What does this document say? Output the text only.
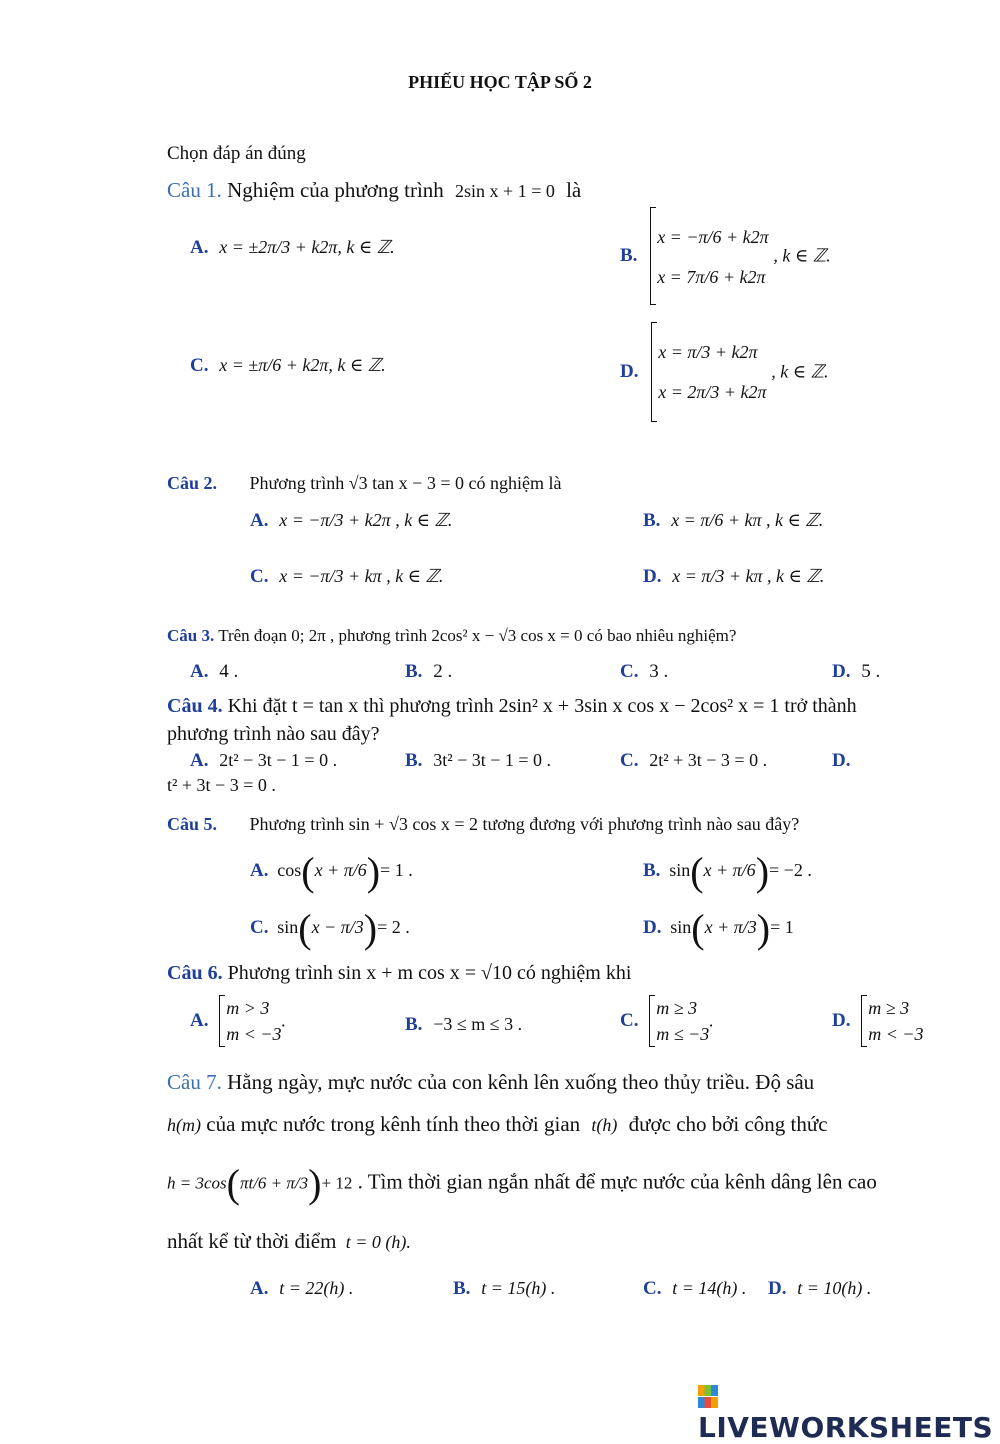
PHIẾU HỌC TẬP SỐ 2
Chọn đáp án đúng
Câu 1. Nghiệm của phương trình 2sin x + 1 = 0 là
A. x = ±2π/3 + k2π, k ∈ ℤ.	B.
x = −π/6 + k2π
x = 7π/6 + k2π
, k ∈ ℤ.
C. x = ±π/6 + k2π, k ∈ ℤ.	D.
x = π/3 + k2π
x = 2π/3 + k2π
, k ∈ ℤ.
Câu 2. Phương trình √3 tan x − 3 = 0 có nghiệm là
A. x = −π/3 + k2π , k ∈ ℤ.	B. x = π/6 + kπ , k ∈ ℤ.
C. x = −π/3 + kπ , k ∈ ℤ.	D. x = π/3 + kπ , k ∈ ℤ.
Câu 3. Trên đoạn 0; 2π , phương trình 2cos² x − √3 cos x = 0 có bao nhiêu nghiệm?
A. 4 .	B. 2 .	C. 3 .	D. 5 .
Câu 4. Khi đặt t = tan x thì phương trình 2sin² x + 3sin x cos x − 2cos² x = 1 trở thành
phương trình nào sau đây?
A. 2t² − 3t − 1 = 0 .	B. 3t² − 3t − 1 = 0 .	C. 2t² + 3t − 3 = 0 .	D.
t² + 3t − 3 = 0 .
Câu 5. Phương trình sin + √3 cos x = 2 tương đương với phương trình nào sau đây?
A. cos(x + π/6)= 1 .	B. sin(x + π/6)= −2 .
C. sin(x − π/3)= 2 .	D. sin(x + π/3)= 1
Câu 6. Phương trình sin x + m cos x = √10 có nghiệm khi
A.
m > 3
m < −3
.	B. −3 ≤ m ≤ 3 .	C.
m ≥ 3
m ≤ −3
.	D.
m ≥ 3
m < −3
Câu 7. Hằng ngày, mực nước của con kênh lên xuống theo thủy triều. Độ sâu
h(m) của mực nước trong kênh tính theo thời gian t(h) được cho bởi công thức
h = 3cos(πt/6 + π/3)+ 12 . Tìm thời gian ngắn nhất để mực nước của kênh dâng lên cao
nhất kể từ thời điểm t = 0 (h).
A. t = 22(h) .	B. t = 15(h) .	C. t = 14(h) . D. t = 10(h) .
LIVEWORKSHEETS
